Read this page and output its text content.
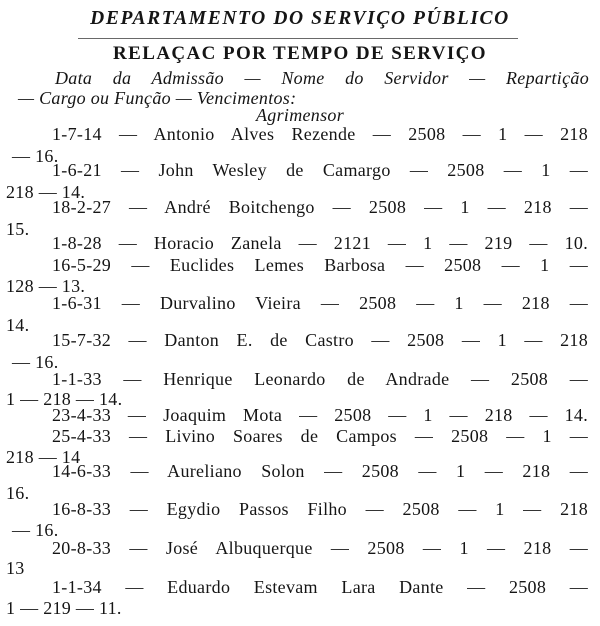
DEPARTAMENTO DO SERVIÇO PÚBLICO
RELAÇAC POR TEMPO DE SERVIÇO
Data da Admissão — Nome do Servidor — Repartição
— Cargo ou Função — Vencimentos:
Agrimensor
1-7-14 — Antonio Alves Rezende — 2508 — 1 — 218
— 16.
1-6-21 — John Wesley de Camargo — 2508 — 1 —
218 — 14.
18-2-27 — André Boitchengo — 2508 — 1 — 218 —
15.
1-8-28 — Horacio Zanela — 2121 — 1 — 219 — 10.
16-5-29 — Euclides Lemes Barbosa — 2508 — 1 —
128 — 13.
1-6-31 — Durvalino Vieira — 2508 — 1 — 218 —
14.
15-7-32 — Danton E. de Castro — 2508 — 1 — 218
— 16.
1-1-33 — Henrique Leonardo de Andrade — 2508 —
1 — 218 — 14.
23-4-33 — Joaquim Mota — 2508 — 1 — 218 — 14.
25-4-33 — Livino Soares de Campos — 2508 — 1 —
218 — 14
14-6-33 — Aureliano Solon — 2508 — 1 — 218 —
16.
16-8-33 — Egydio Passos Filho — 2508 — 1 — 218
— 16.
20-8-33 — José Albuquerque — 2508 — 1 — 218 —
13
1-1-34 — Eduardo Estevam Lara Dante — 2508 —
1 — 219 — 11.
